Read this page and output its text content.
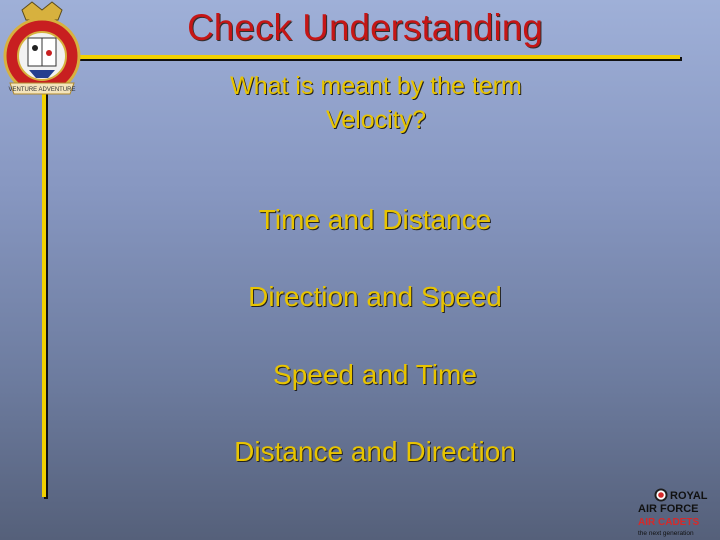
VENTURE ADVENTURE
Check Understanding
What is meant by the term Velocity?
Time and Distance
Direction and Speed
Speed and Time
Distance and Direction
ROYAL
AIR FORCE
AIR CADETS
the next generation
